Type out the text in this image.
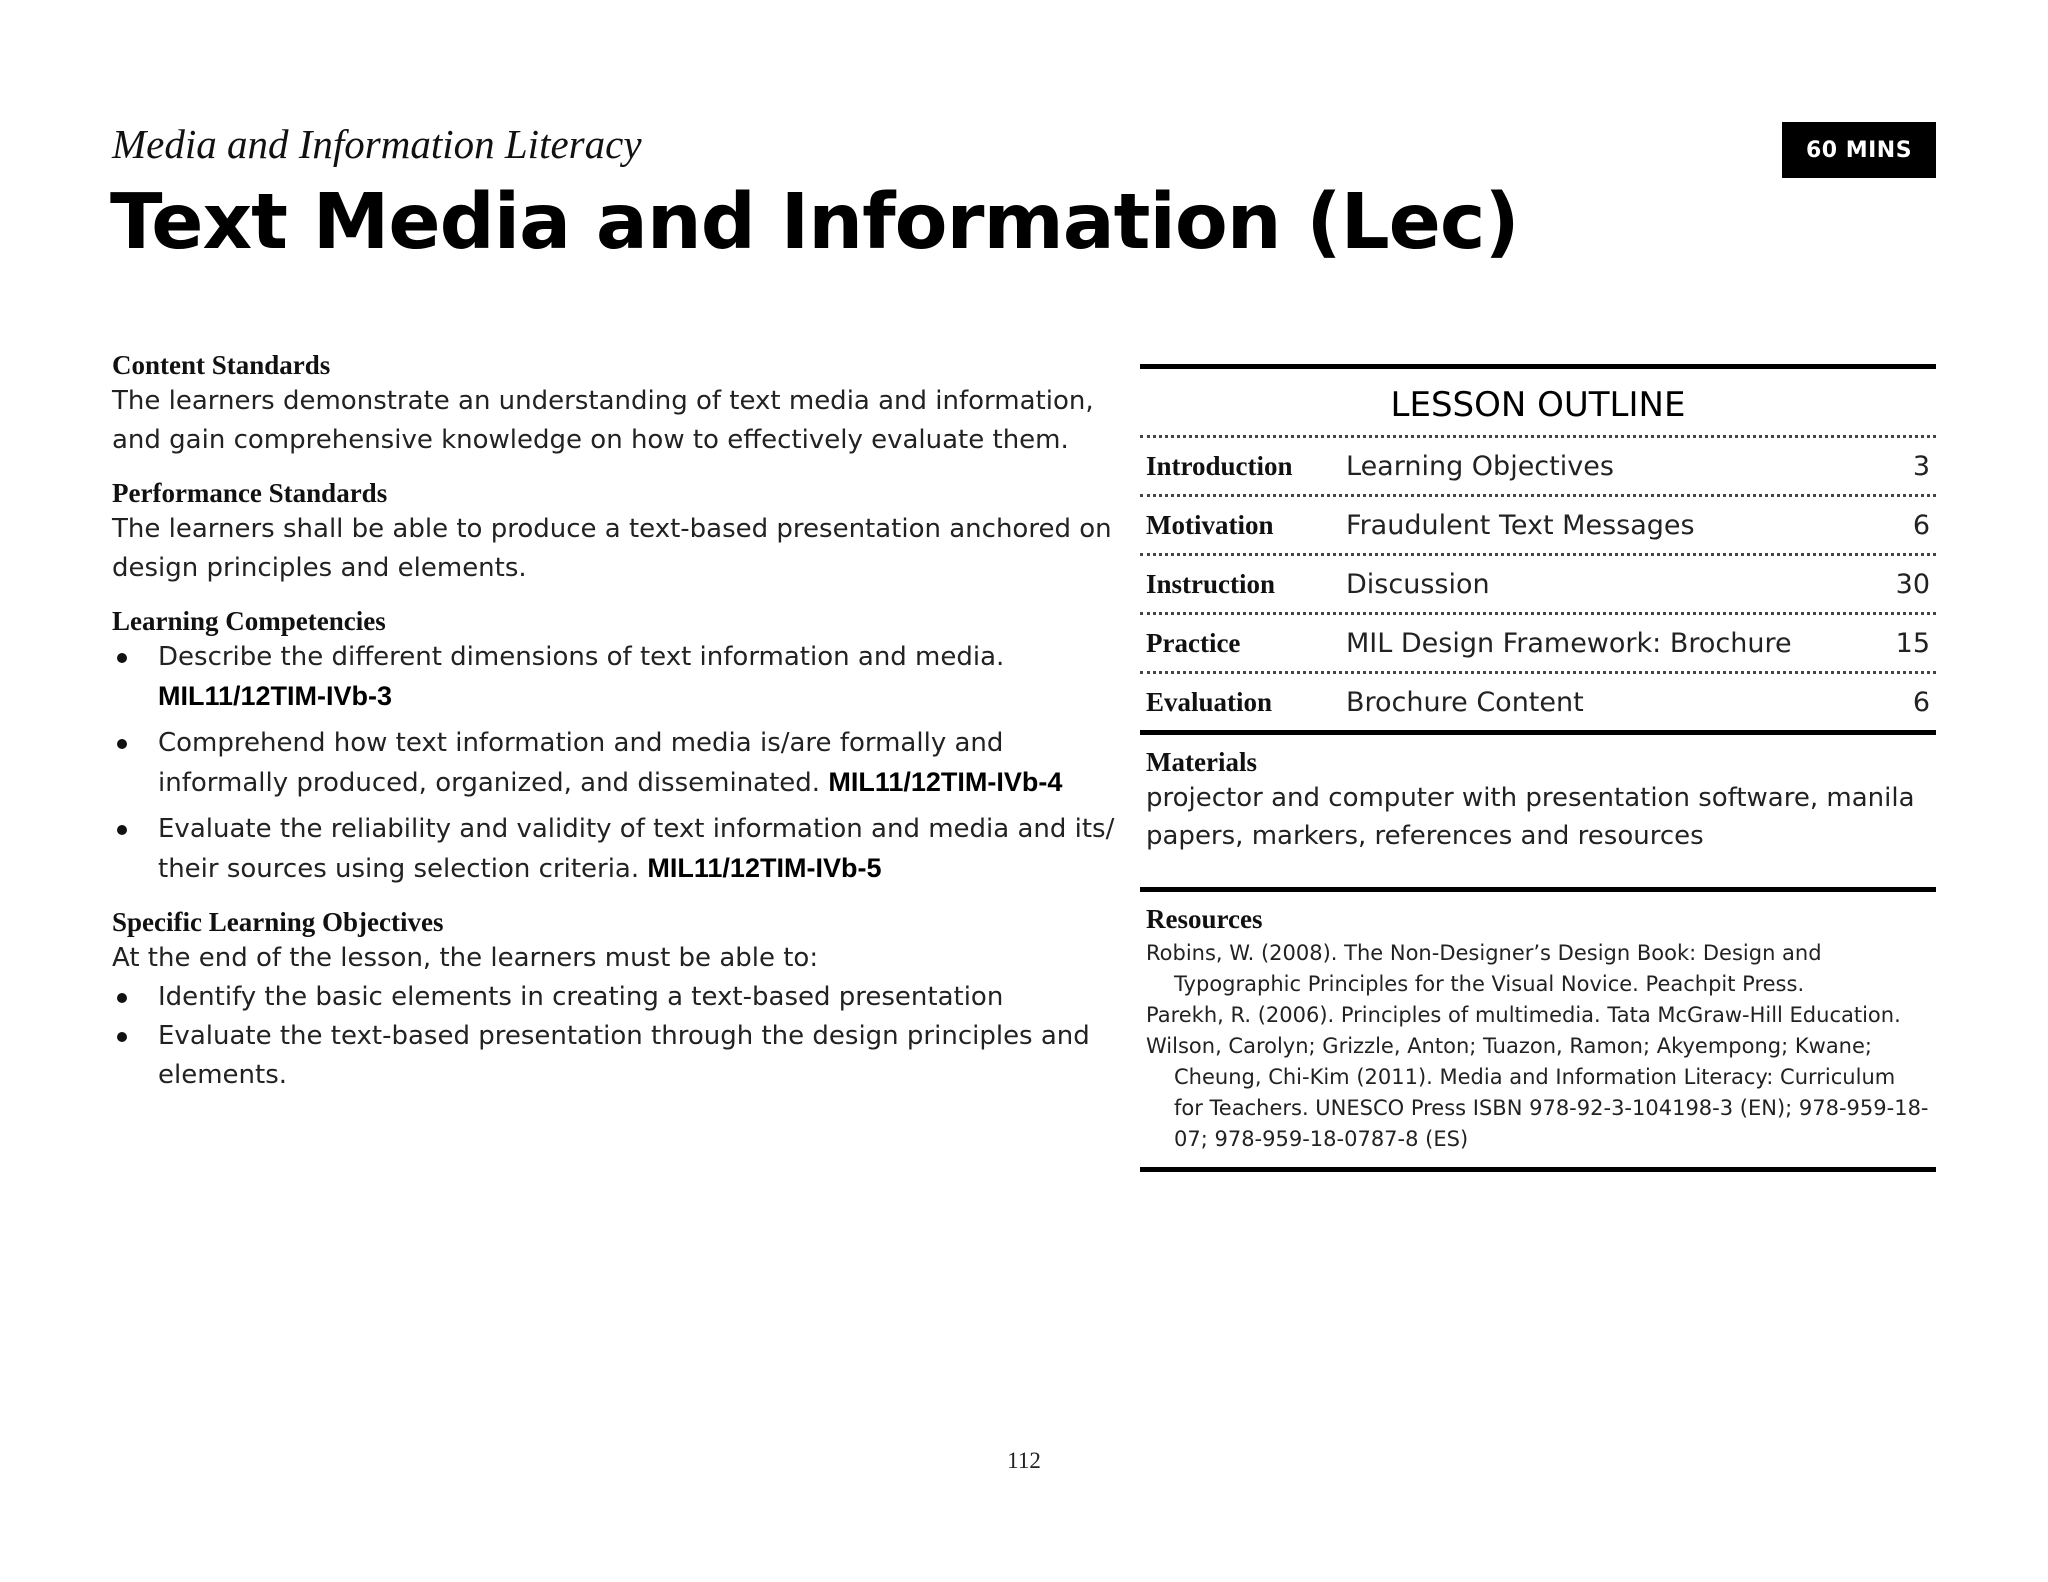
Media and Information Literacy	60 MINS
Text Media and Information (Lec)
Content Standards
The learners demonstrate an understanding of text media and information, and gain comprehensive knowledge on how to effectively evaluate them.
Performance Standards
The learners shall be able to produce a text-based presentation anchored on design principles and elements.
Learning Competencies
Describe the different dimensions of text information and media.
MIL11/12TIM-IVb-3
Comprehend how text information and media is/are formally and informally produced, organized, and disseminated. MIL11/12TIM-IVb-4
Evaluate the reliability and validity of text information and media and its/ their sources using selection criteria. MIL11/12TIM-IVb-5
Specific Learning Objectives
At the end of the lesson, the learners must be able to:
Identify the basic elements in creating a text-based presentation
Evaluate the text-based presentation through the design principles and elements.
LESSON OUTLINE
Introduction	Learning Objectives	3
Motivation	Fraudulent Text Messages	6
Instruction	Discussion	30
Practice	MIL Design Framework: Brochure	15
Evaluation	Brochure Content	6
Materials
projector and computer with presentation software, manila papers, markers, references and resources
Resources
Robins, W. (2008). The Non-Designer’s Design Book: Design and Typographic Principles for the Visual Novice. Peachpit Press.
Parekh, R. (2006). Principles of multimedia. Tata McGraw-Hill Education.
Wilson, Carolyn; Grizzle, Anton; Tuazon, Ramon; Akyempong; Kwane; Cheung, Chi-Kim (2011). Media and Information Literacy: Curriculum for Teachers. UNESCO Press ISBN 978-92-3-104198-3 (EN); 978-959-18-07; 978-959-18-0787-8 (ES)
112
